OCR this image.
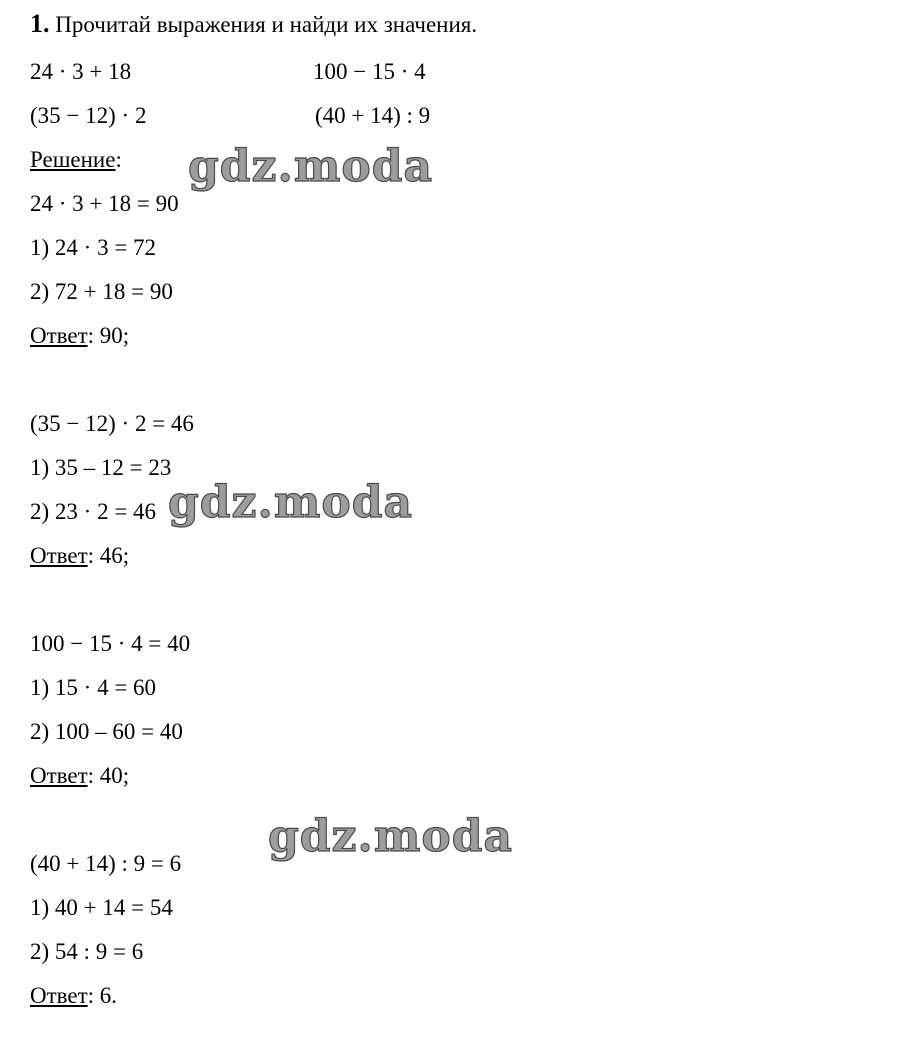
1. Прочитай выражения и найди их значения.
24 · 3 + 18	100 − 15 · 4
(35 − 12) · 2	(40 + 14) : 9
Решение:
24 · 3 + 18 = 90
1) 24 · 3 = 72
2) 72 + 18 = 90
Ответ: 90;
(35 − 12) · 2 = 46
1) 35 – 12 = 23
2) 23 · 2 = 46
Ответ: 46;
100 − 15 · 4 = 40
1) 15 · 4 = 60
2) 100 – 60 = 40
Ответ: 40;
(40 + 14) : 9 = 6
1) 40 + 14 = 54
2) 54 : 9 = 6
Ответ: 6.
gdz.moda
gdz.moda
gdz.moda
